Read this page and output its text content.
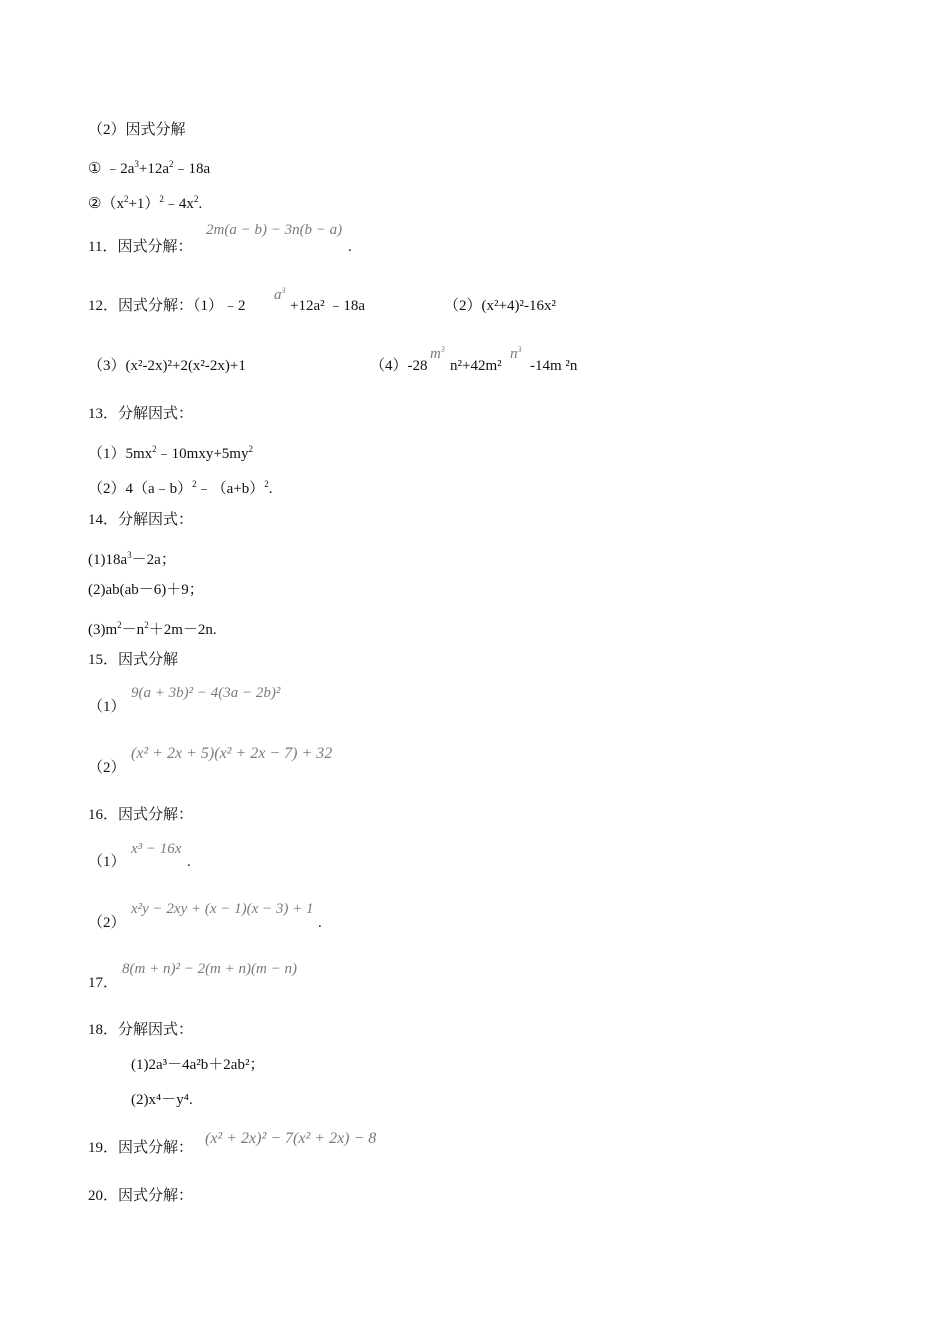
（2）因式分解
① $﹣2a^3+12a^2﹣18a$
$②(x^2+1)^2﹣4x^2$.
11．因式分解：
2m(a − b) − 3n(b − a)
.
12．因式分解：（1）﹣2
$a^3$
+12a² ﹣18a	（2）(x²+4)²-16x²
（3）(x²-2x)²+2(x²-2x)+1	（4）-28
$m^3$
n²+42m²
$n^3$
-14m ²n
13．分解因式：
$(1)5mx^2﹣10mxy+5my^2$
$(2)4(a﹣b)^2﹣(a+b)^2$.
14．分解因式：
$(1)18a^3-2a$；
(2)ab(ab－6)＋9；
$(3)m^2-n^2+2m-2n$.
15．因式分解
（1）
9(a + 3b)² − 4(3a − 2b)²
（2）
(x² + 2x + 5)(x² + 2x − 7) + 32
16．因式分解：
（1）
x³ − 16x
.
（2）
x²y − 2xy + (x − 1)(x − 3) + 1
.
17．
8(m + n)² − 2(m + n)(m − n)
18．分解因式：
(1)2a³－4a²b＋2ab²；
(2)x⁴－y⁴.
19．因式分解：
(x² + 2x)² − 7(x² + 2x) − 8
20．因式分解：
